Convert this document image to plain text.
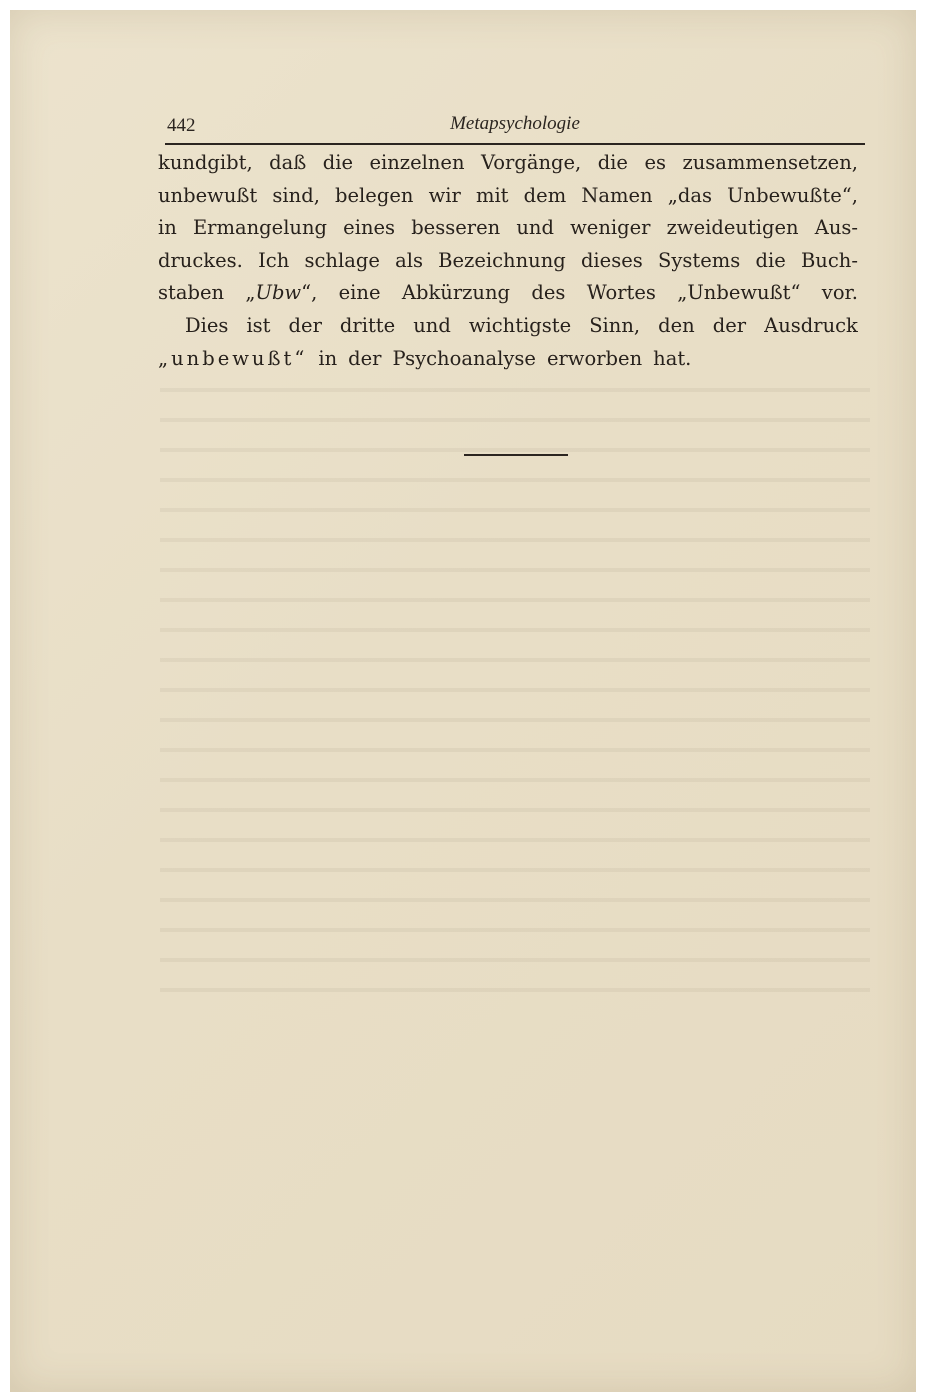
442	Metapsychologie
kundgibt, daß die einzelnen Vorgänge, die es zusammensetzen,
unbewußt sind, belegen wir mit dem Namen „das Unbewußte“,
in Ermangelung eines besseren und weniger zweideutigen Aus-
druckes. Ich schlage als Bezeichnung dieses Systems die Buch-
staben „Ubw“, eine Abkürzung des Wortes „Unbewußt“ vor.
Dies ist der dritte und wichtigste Sinn, den der Ausdruck
„unbewußt“ in der Psychoanalyse erworben hat.
